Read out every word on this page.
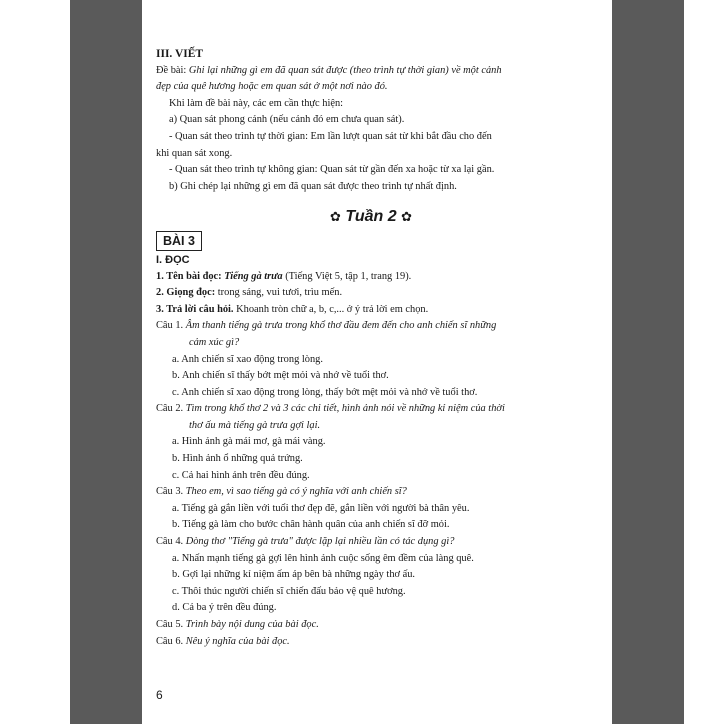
III. VIẾT
Đề bài: Ghi lại những gì em đã quan sát được (theo trình tự thời gian) về một cảnh
đẹp của quê hương hoặc em quan sát ở một nơi nào đó.
Khi làm đề bài này, các em cần thực hiện:
a) Quan sát phong cảnh (nếu cảnh đó em chưa quan sát).
- Quan sát theo trình tự thời gian: Em lần lượt quan sát từ khi bắt đầu cho đến
khi quan sát xong.
- Quan sát theo trình tự không gian: Quan sát từ gần đến xa hoặc từ xa lại gần.
b) Ghi chép lại những gì em đã quan sát được theo trình tự nhất định.
✿ Tuần 2 ✿
BÀI 3
I. ĐỌC
1. Tên bài đọc: Tiếng gà trưa (Tiếng Việt 5, tập 1, trang 19).
2. Giọng đọc: trong sáng, vui tươi, trìu mến.
3. Trả lời câu hỏi. Khoanh tròn chữ a, b, c,... ở ý trả lời em chọn.
Câu 1. Âm thanh tiếng gà trưa trong khổ thơ đầu đem đến cho anh chiến sĩ những
cảm xúc gì?
a. Anh chiến sĩ xao động trong lòng.
b. Anh chiến sĩ thấy bớt mệt mỏi và nhớ về tuổi thơ.
c. Anh chiến sĩ xao động trong lòng, thấy bớt mệt mỏi và nhớ về tuổi thơ.
Câu 2. Tìm trong khổ thơ 2 và 3 các chi tiết, hình ảnh nói về những kỉ niệm của thời
thơ ấu mà tiếng gà trưa gợi lại.
a. Hình ảnh gà mái mơ, gà mái vàng.
b. Hình ảnh ổ những quả trứng.
c. Cả hai hình ảnh trên đều đúng.
Câu 3. Theo em, vì sao tiếng gà có ý nghĩa với anh chiến sĩ?
a. Tiếng gà gắn liền với tuổi thơ đẹp đẽ, gắn liền với người bà thân yêu.
b. Tiếng gà làm cho bước chân hành quân của anh chiến sĩ đỡ mỏi.
Câu 4. Dòng thơ "Tiếng gà trưa" được lặp lại nhiều lần có tác dụng gì?
a. Nhấn mạnh tiếng gà gợi lên hình ảnh cuộc sống êm đềm của làng quê.
b. Gợi lại những kỉ niệm ấm áp bên bà những ngày thơ ấu.
c. Thôi thúc người chiến sĩ chiến đấu bảo vệ quê hương.
d. Cả ba ý trên đều đúng.
Câu 5. Trình bày nội dung của bài đọc.
Câu 6. Nêu ý nghĩa của bài đọc.
6
